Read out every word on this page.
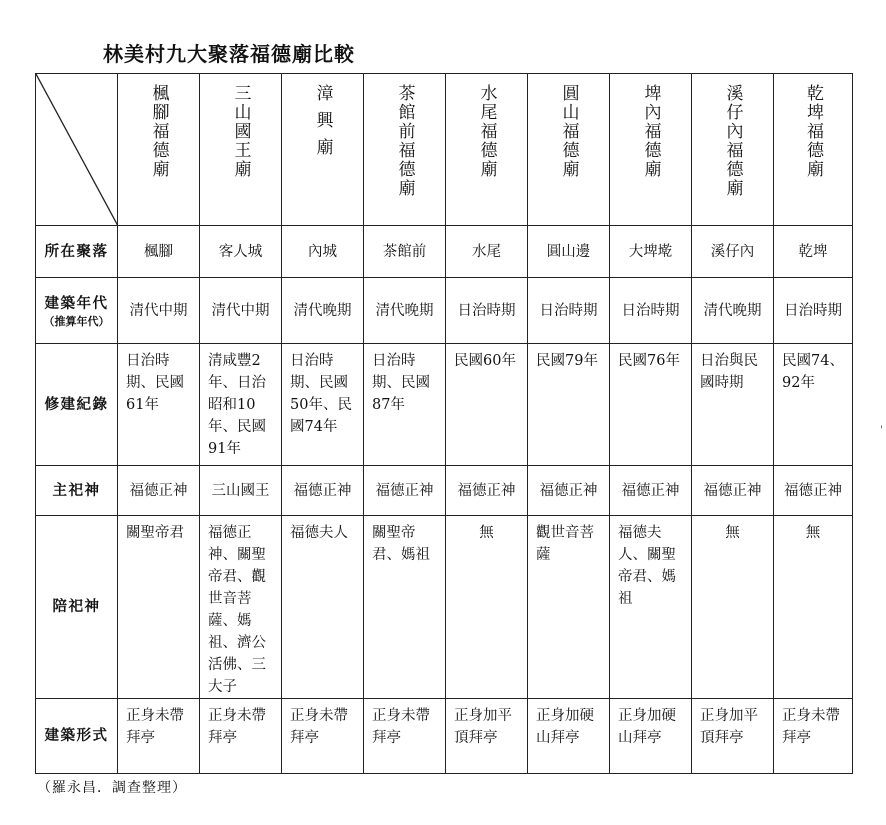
林美村九大聚落福德廟比較

楓腳福德廟	三山國王廟	漳興廟	茶館前福德廟	水尾福德廟	圓山福德廟	埤內福德廟	溪仔內福德廟	乾埤福德廟

所在聚落	楓腳	客人城	內城	茶館前	水尾	圓山邊	大埤墘	溪仔內	乾埤
建築年代
（推算年代）	清代中期	清代中期	清代晚期	清代晚期	日治時期	日治時期	日治時期	清代晚期	日治時期
修建紀錄	日治時期、民國61年	清咸豐2年、日治昭和10年、民國91年	日治時期、民國50年、民國74年	日治時期、民國87年	民國60年	民國79年	民國76年	日治與民國時期	民國74、92年
主祀神	福德正神	三山國王	福德正神	福德正神	福德正神	福德正神	福德正神	福德正神	福德正神
陪祀神	關聖帝君	福德正神、關聖帝君、觀世音菩薩、媽祖、濟公活佛、三大子	福德夫人	關聖帝君、媽祖	無	觀世音菩薩	福德夫人、關聖帝君、媽祖	無	無
建築形式	正身未帶拜亭	正身未帶拜亭	正身未帶拜亭	正身未帶拜亭	正身加平頂拜亭	正身加硬山拜亭	正身加硬山拜亭	正身加平頂拜亭	正身未帶拜亭
（羅永昌．調查整理）
'
